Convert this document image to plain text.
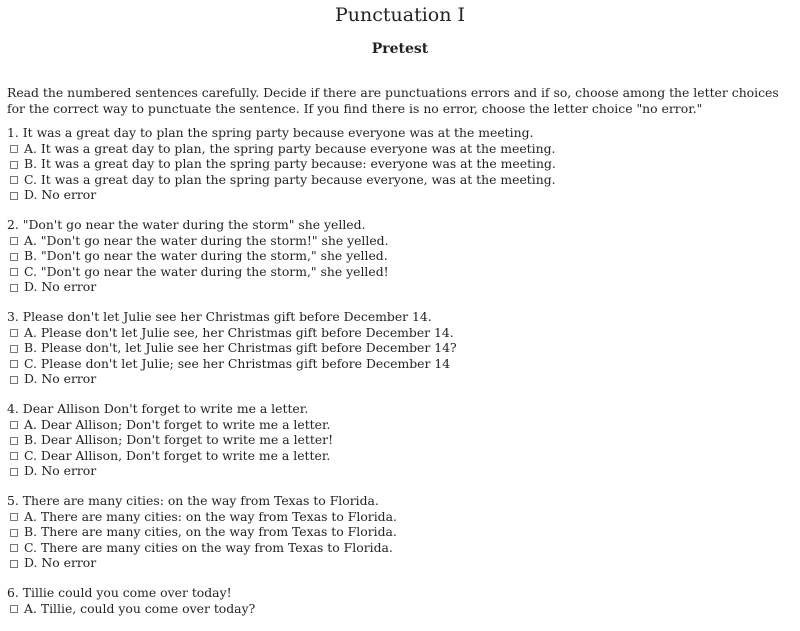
Punctuation I
Pretest

Read the numbered sentences carefully. Decide if there are punctuations errors and if so, choose among the letter choices for the correct way to punctuate the sentence. If you find there is no error, choose the letter choice "no error."

1. It was a great day to plan the spring party because everyone was at the meeting.
A. It was a great day to plan, the spring party because everyone was at the meeting.
B. It was a great day to plan the spring party because: everyone was at the meeting.
C. It was a great day to plan the spring party because everyone, was at the meeting.
D. No error
2. "Don't go near the water during the storm" she yelled.
A. "Don't go near the water during the storm!" she yelled.
B. "Don't go near the water during the storm," she yelled.
C. "Don't go near the water during the storm," she yelled!
D. No error
3. Please don't let Julie see her Christmas gift before December 14.
A. Please don't let Julie see, her Christmas gift before December 14.
B. Please don't, let Julie see her Christmas gift before December 14?
C. Please don't let Julie; see her Christmas gift before December 14
D. No error
4. Dear Allison Don't forget to write me a letter.
A. Dear Allison; Don't forget to write me a letter.
B. Dear Allison; Don't forget to write me a letter!
C. Dear Allison, Don't forget to write me a letter.
D. No error
5. There are many cities: on the way from Texas to Florida.
A. There are many cities: on the way from Texas to Florida.
B. There are many cities, on the way from Texas to Florida.
C. There are many cities on the way from Texas to Florida.
D. No error
6. Tillie could you come over today!
A. Tillie, could you come over today?
